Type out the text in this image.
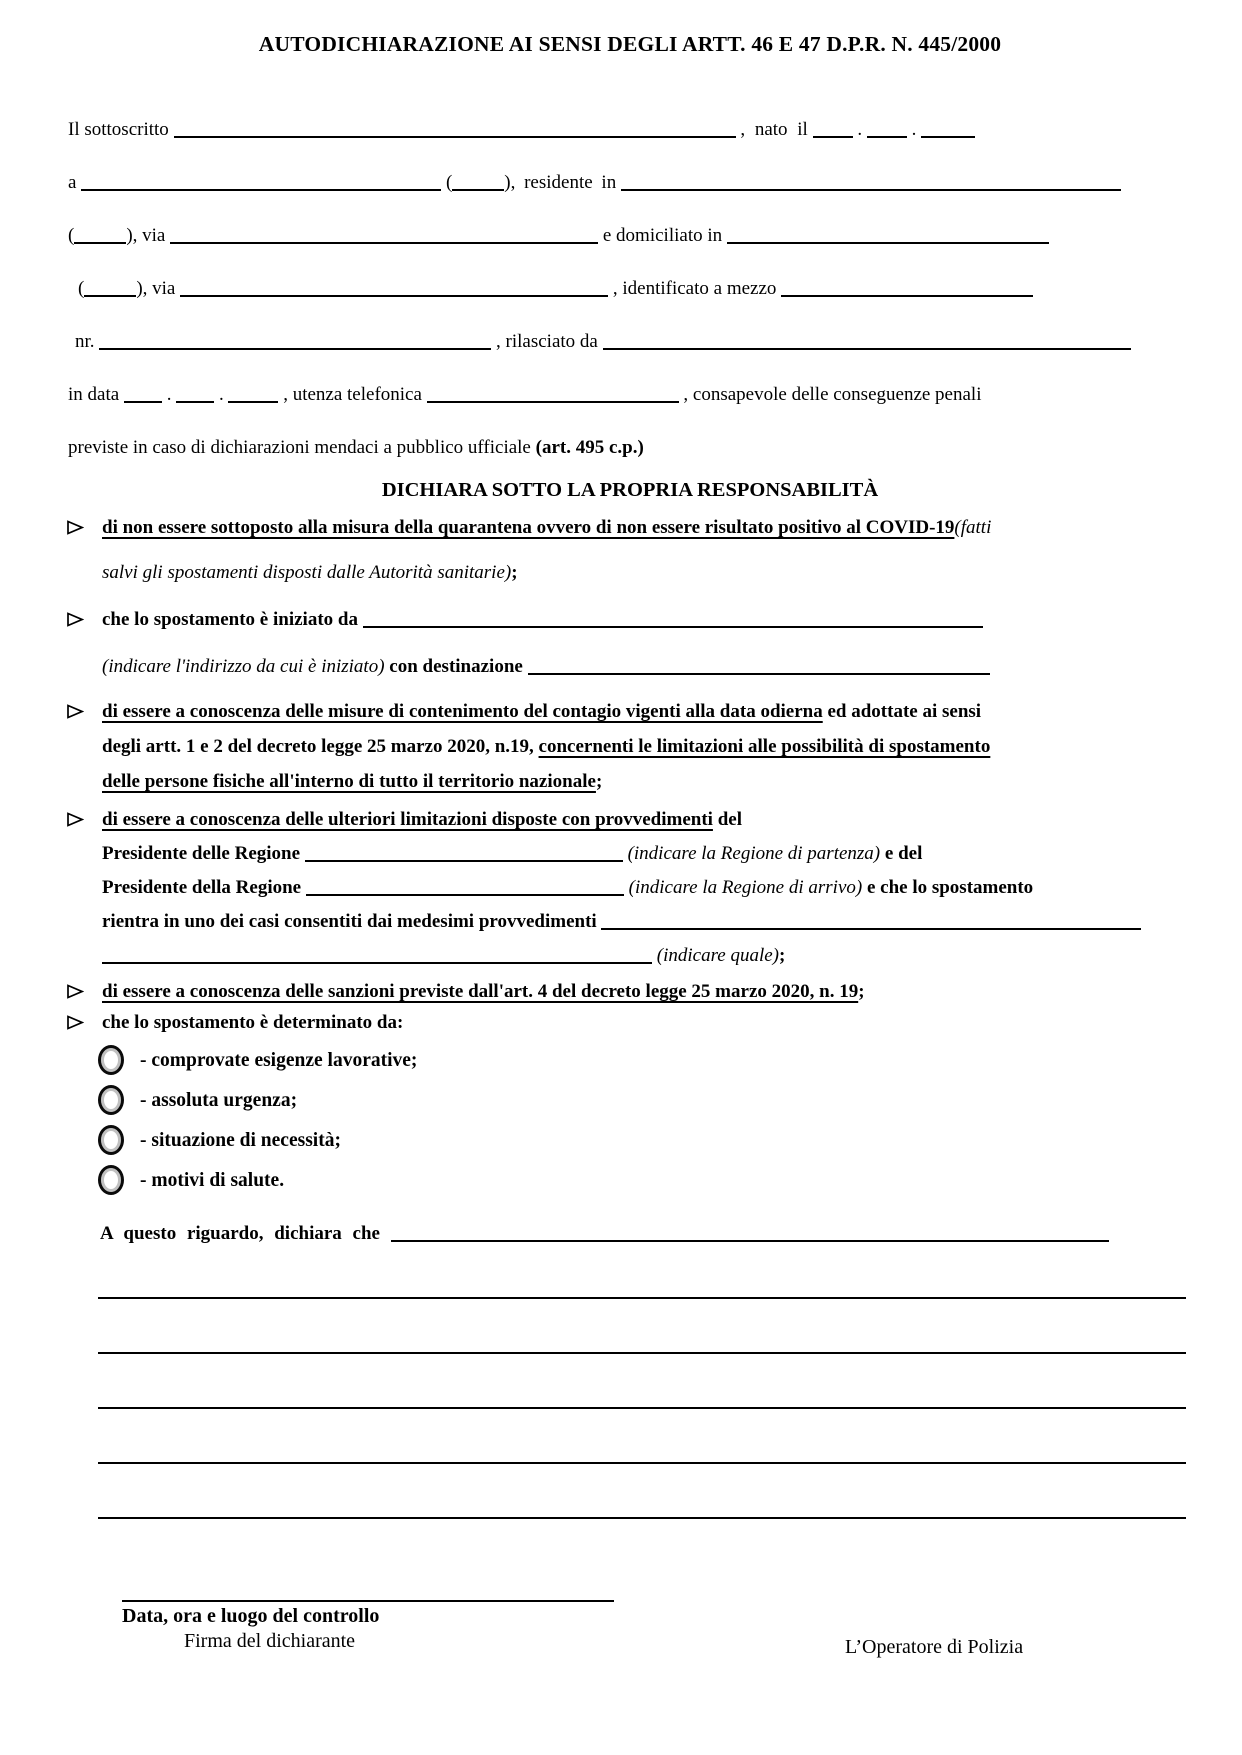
AUTODICHIARAZIONE AI SENSI DEGLI ARTT. 46 E 47 D.P.R. N. 445/2000
Il sottoscritto	, nato il	.	.
a	(	), residente in
(	), via	e domiciliato in
(	), via	, identificato a mezzo
nr.	, rilasciato da
in data	.	.	, utenza telefonica	, consapevole delle conseguenze penali
previste in caso di dichiarazioni mendaci a pubblico ufficiale (art. 495 c.p.)
DICHIARA SOTTO LA PROPRIA RESPONSABILITÀ
di non essere sottoposto alla misura della quarantena ovvero di non essere risultato positivo al COVID-19(fatti
salvi gli spostamenti disposti dalle Autorità sanitarie);
che lo spostamento è iniziato da
(indicare l'indirizzo da cui è iniziato) con destinazione
di essere a conoscenza delle misure di contenimento del contagio vigenti alla data odierna ed adottate ai sensi
degli artt. 1 e 2 del decreto legge 25 marzo 2020, n.19, concernenti le limitazioni alle possibilità di spostamento
delle persone fisiche all'interno di tutto il territorio nazionale;
di essere a conoscenza delle ulteriori limitazioni disposte con provvedimenti del
Presidente delle Regione	(indicare la Regione di partenza) e del
Presidente della Regione	(indicare la Regione di arrivo) e che lo spostamento
rientra in uno dei casi consentiti dai medesimi provvedimenti
(indicare quale);
di essere a conoscenza delle sanzioni previste dall'art. 4 del decreto legge 25 marzo 2020, n. 19;
che lo spostamento è determinato da:
- comprovate esigenze lavorative;
- assoluta urgenza;
- situazione di necessità;
- motivi di salute.
A questo riguardo, dichiara che
Data, ora e luogo del controllo
Firma del dichiarante	L’Operatore di Polizia
